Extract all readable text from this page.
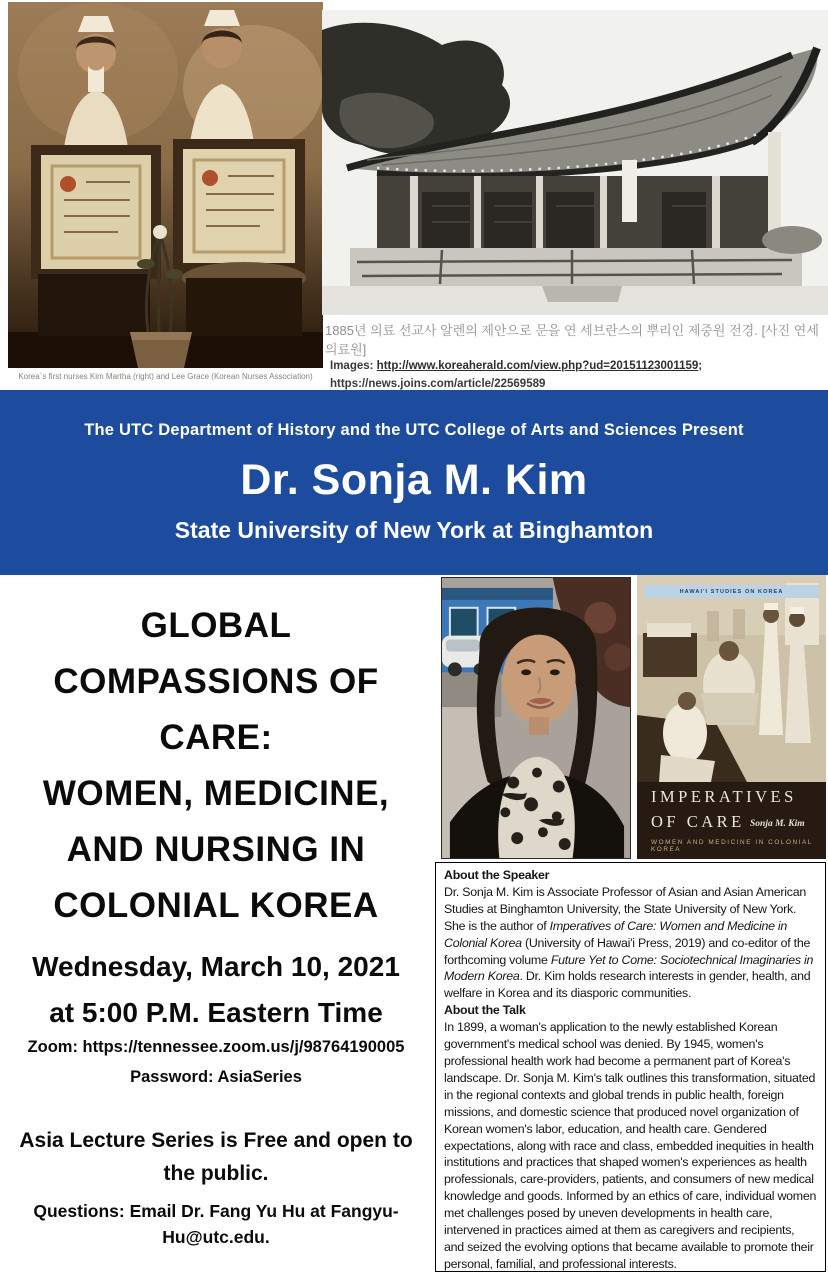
Korea`s first nurses Kim Martha (right) and Lee Grace (Korean Nurses Association)
1885년 의료 선교사 알렌의 제안으로 문을 연 세브란스의 뿌리인 제중원 전경. [사진 연세의료원]

Images: http://www.koreaherald.com/view.php?ud=20151123001159; https://news.joins.com/article/22569589

The UTC Department of History and the UTC College of Arts and Sciences Present
Dr. Sonja M. Kim
State University of New York at Binghamton
GLOBAL
COMPASSIONS OF
CARE:
WOMEN, MEDICINE,
AND NURSING IN
COLONIAL KOREA
Wednesday, March 10, 2021
at 5:00 P.M. Eastern Time
Zoom: https://tennessee.zoom.us/j/98764190005
Password: AsiaSeries
Asia Lecture Series is Free and open to the public.
Questions: Email Dr. Fang Yu Hu at Fangyu-Hu@utc.edu.
HAWAI'I STUDIES ON KOREA
IMPERATIVES
OF CARE Sonja M. Kim
WOMEN AND MEDICINE IN COLONIAL KOREA
About the Speaker

Dr. Sonja M. Kim is Associate Professor of Asian and Asian American Studies at Binghamton University, the State University of New York. She is the author of Imperatives of Care: Women and Medicine in Colonial Korea (University of Hawai'i Press, 2019) and co-editor of the forthcoming volume Future Yet to Come: Sociotechnical Imaginaries in Modern Korea. Dr. Kim holds research interests in gender, health, and welfare in Korea and its diasporic communities.

About the Talk

In 1899, a woman's application to the newly established Korean government's medical school was denied. By 1945, women's professional health work had become a permanent part of Korea's landscape. Dr. Sonja M. Kim's talk outlines this transformation, situated in the regional contexts and global trends in public health, foreign missions, and domestic science that produced novel organization of Korean women's labor, education, and health care. Gendered expectations, along with race and class, embedded inequities in health institutions and practices that shaped women's experiences as health professionals, care-providers, patients, and consumers of new medical knowledge and goods. Informed by an ethics of care, individual women met challenges posed by uneven developments in health care, intervened in practices aimed at them as caregivers and recipients, and seized the evolving options that became available to promote their personal, familial, and professional interests.
